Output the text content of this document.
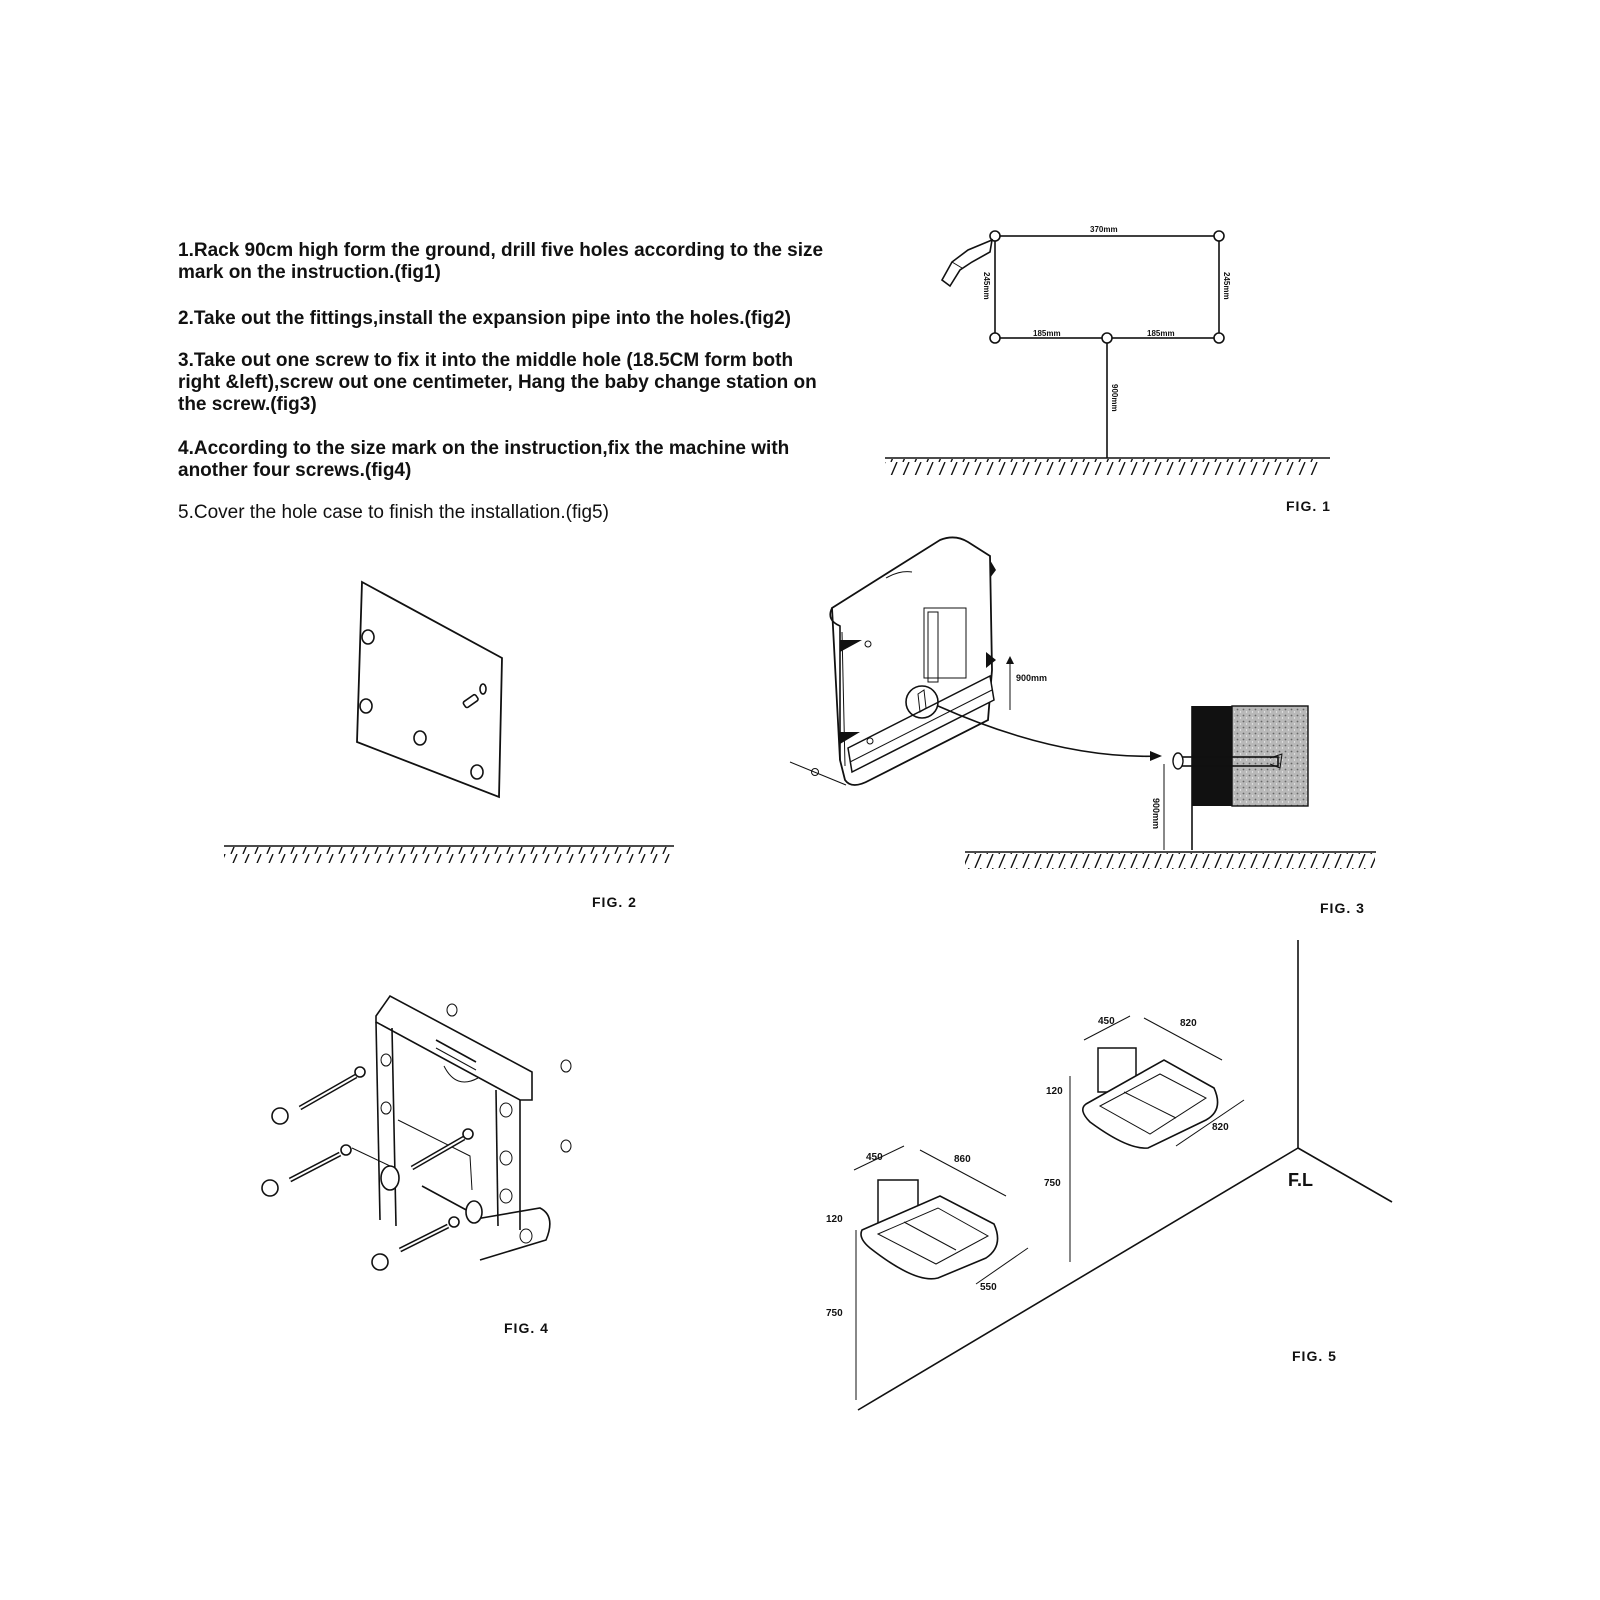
1.Rack 90cm high form the ground, drill five holes according to the size mark on the instruction.(fig1)

2.Take out the fittings,install the expansion pipe into the holes.(fig2)

3.Take out one screw to fix it into the middle hole (18.5CM form both right &left),screw out one centimeter, Hang the baby change station on the screw.(fig3)

4.According to the size mark on the instruction,fix the machine with another four screws.(fig4)

5.Cover the hole case to finish the installation.(fig5)

370mm
245mm	245mm
185mm	185mm
900mm
900mm
900mm
F.L
450	820
820
120
750
450	860
550
120
750
FIG. 1
FIG. 2	FIG. 3
FIG. 4
FIG. 5
